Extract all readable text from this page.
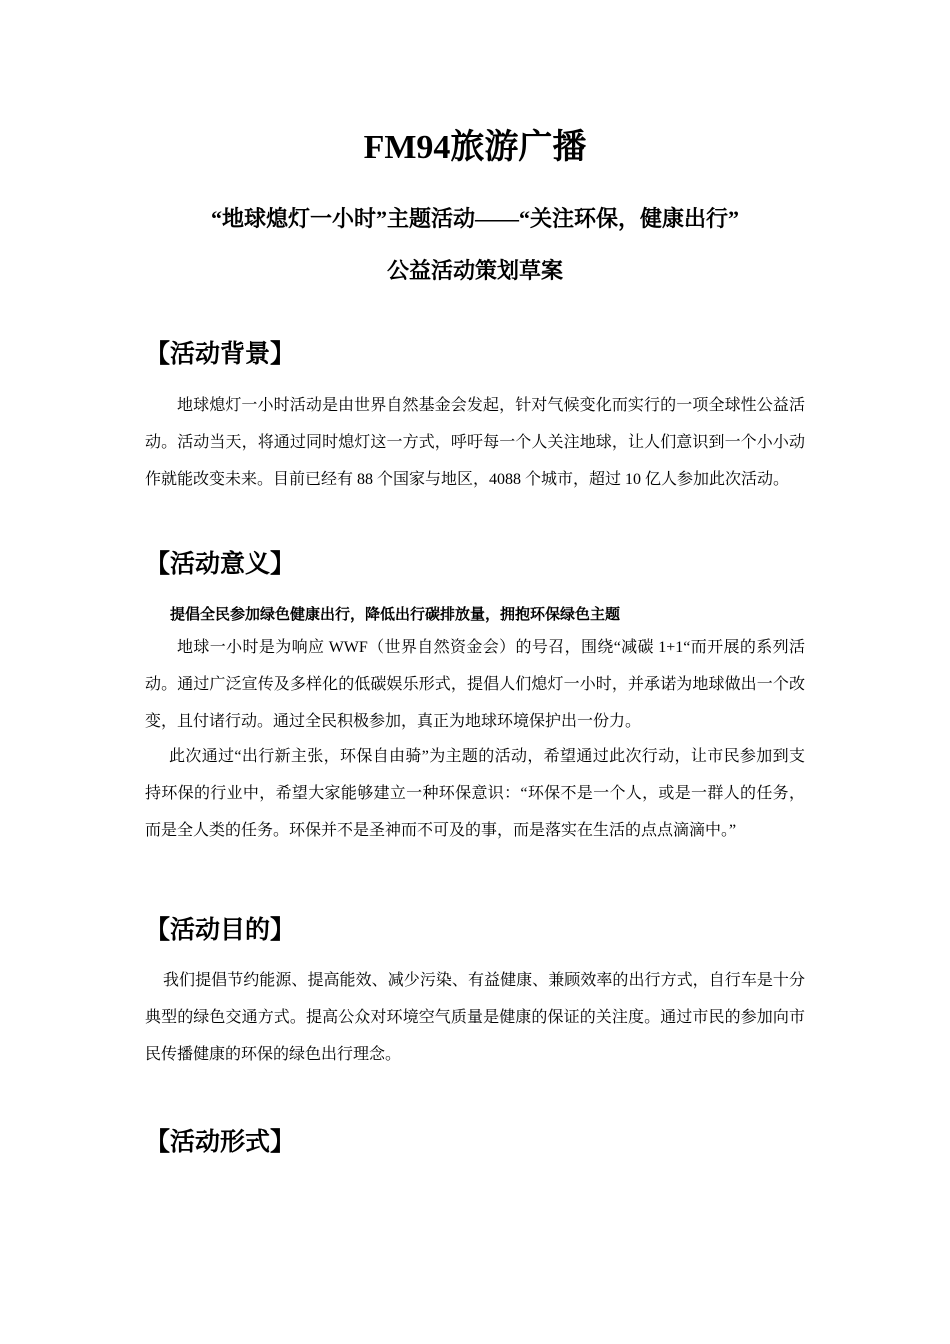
FM94旅游广播
“地球熄灯一小时”主题活动——“关注环保，健康出行”
公益活动策划草案
【活动背景】
地球熄灯一小时活动是由世界自然基金会发起，针对气候变化而实行的一项全球性公益活动。活动当天，将通过同时熄灯这一方式，呼吁每一个人关注地球，让人们意识到一个小小动作就能改变未来。目前已经有 88 个国家与地区，4088 个城市，超过 10 亿人参加此次活动。
【活动意义】
提倡全民参加绿色健康出行，降低出行碳排放量，拥抱环保绿色主题
地球一小时是为响应 WWF（世界自然资金会）的号召，围绕“减碳 1+1“而开展的系列活动。通过广泛宣传及多样化的低碳娱乐形式，提倡人们熄灯一小时，并承诺为地球做出一个改变，且付诸行动。通过全民积极参加，真正为地球环境保护出一份力。
此次通过“出行新主张，环保自由骑”为主题的活动，希望通过此次行动，让市民参加到支持环保的行业中，希望大家能够建立一种环保意识：“环保不是一个人，或是一群人的任务，而是全人类的任务。环保并不是圣神而不可及的事，而是落实在生活的点点滴滴中。”
【活动目的】
我们提倡节约能源、提高能效、减少污染、有益健康、兼顾效率的出行方式，自行车是十分典型的绿色交通方式。提高公众对环境空气质量是健康的保证的关注度。通过市民的参加向市民传播健康的环保的绿色出行理念。
【活动形式】
